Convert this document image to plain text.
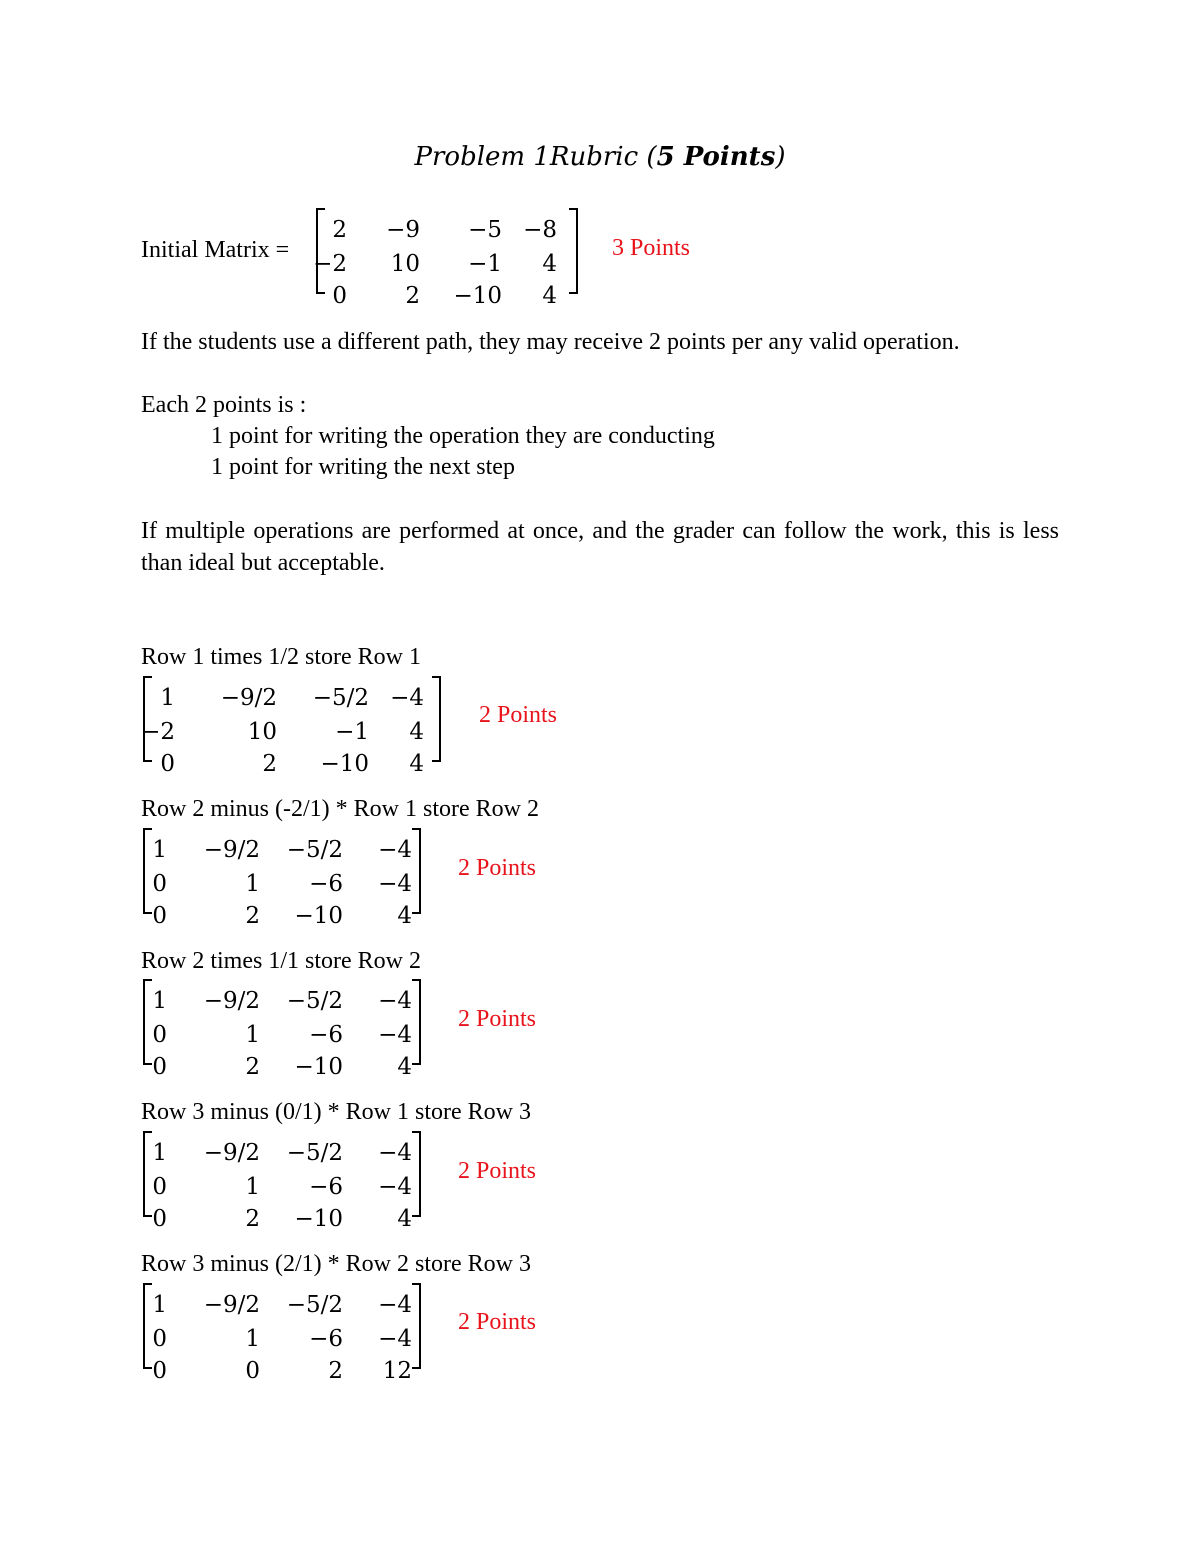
Problem 1Rubric (5 Points)
Initial Matrix =
2 −9 −5 −8
−2 10 −1 4
0	2 −10 4
3 Points
If the students use a different path, they may receive 2 points per any valid operation.
Each 2 points is :
1 point for writing the operation they are conducting
1 point for writing the next step
If multiple operations are performed at once, and the grader can follow the work, this is less than ideal but acceptable.
Row 1 times 1/2 store Row 1
1 −9/2 −5/2 −4
−2	10	−1 4
0	2 −10 4
2 Points
Row 2 minus (-2/1) * Row 1 store Row 2
1 −9/2 −5/2 −4
0	1 −6 −4
0	2 −10 4
2 Points
Row 2 times 1/1 store Row 2
1 −9/2 −5/2 −4
0	1 −6 −4
0	2 −10 4
2 Points
Row 3 minus (0/1) * Row 1 store Row 3
1 −9/2 −5/2 −4
0	1 −6 −4
0	2 −10 4
2 Points
Row 3 minus (2/1) * Row 2 store Row 3
1 −9/2 −5/2 −4
0	1 −6 −4
0	0	2 12
2 Points
